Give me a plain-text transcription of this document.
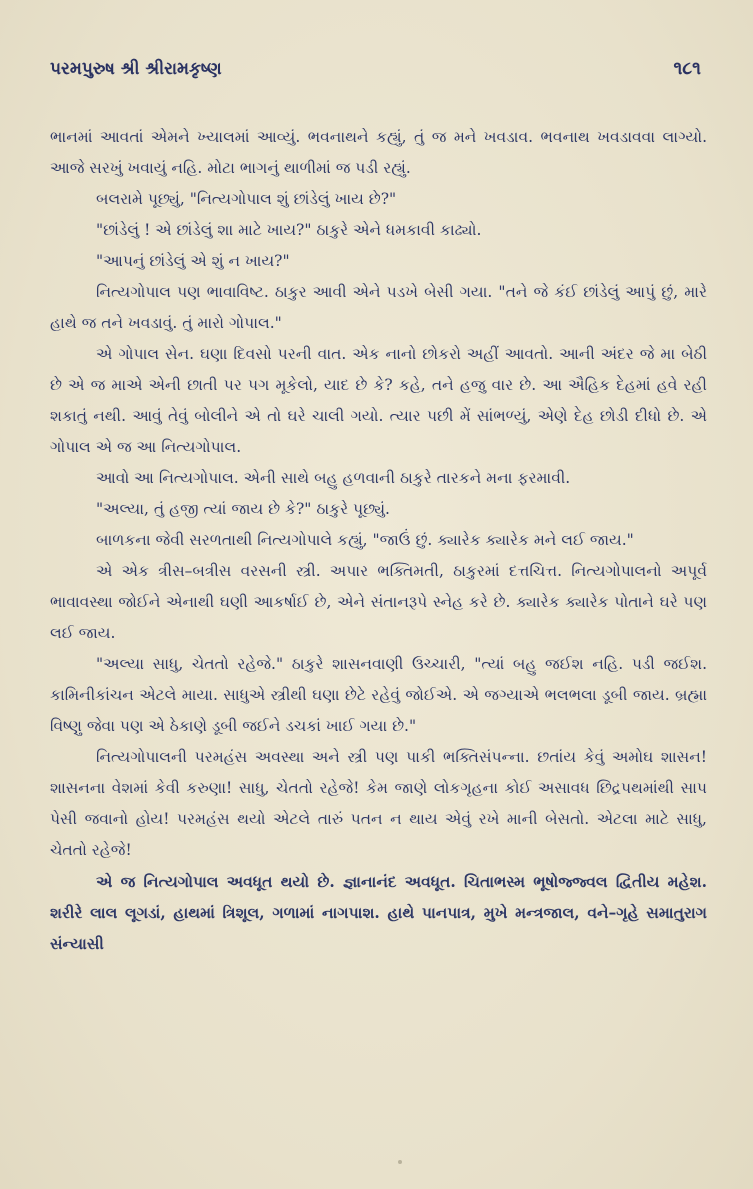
પરમપુરુષ શ્રી શ્રીરામકૃષ્ણ	૧૮૧

ભાનમાં આવતાં એમને ખ્યાલમાં આવ્યું. ભવનાથને કહ્યું, તું જ મને ખવડાવ. ભવનાથ ખવડાવવા લાગ્યો. આજે સરખું ખવાયું નહિ. મોટા ભાગનું થાળીમાં જ પડી રહ્યું.

બલરામે પૂછ્યું, "નિત્યગોપાલ શું છાંડેલું ખાય છે?"

"છાંડેલું ! એ છાંડેલું શા માટે ખાય?" ઠાકુરે એને ધમકાવી કાઢ્યો.

"આપનું છાંડેલું એ શું ન ખાય?"

નિત્યગોપાલ પણ ભાવાવિષ્ટ. ઠાકુર આવી એને પડખે બેસી ગયા. "તને જે કંઈ છાંડેલું આપું છું, મારે હાથે જ તને ખવડાવું. તું મારો ગોપાલ."

એ ગોપાલ સેન. ઘણા દિવસો પરની વાત. એક નાનો છોકરો અહીં આવતો. આની અંદર જે મા બેઠી છે એ જ માએ એની છાતી પર પગ મૂકેલો, યાદ છે કે? કહે, તને હજુ વાર છે. આ ઐહિક દેહમાં હવે રહી શકાતું નથી. આવું તેવું બોલીને એ તો ઘરે ચાલી ગયો. ત્યાર પછી મેં સાંભળ્યું, એણે દેહ છોડી દીધો છે. એ ગોપાલ એ જ આ નિત્યગોપાલ.

આવો આ નિત્યગોપાલ. એની સાથે બહુ હળવાની ઠાકુરે તારકને મના ફરમાવી.

"અલ્યા, તું હજી ત્યાં જાય છે કે?" ઠાકુરે પૂછ્યું.

બાળકના જેવી સરળતાથી નિત્યગોપાલે કહ્યું, "જાઉં છું. ક્યારેક ક્યારેક મને લઈ જાય."

એ એક ત્રીસ–બત્રીસ વરસની સ્ત્રી. અપાર ભક્તિમતી, ઠાકુરમાં દત્તચિત્ત. નિત્યગોપાલનો અપૂર્વ ભાવાવસ્થા જોઈને એનાથી ઘણી આકર્ષાઈ છે, એને સંતાનરૂપે સ્નેહ કરે છે. ક્યારેક ક્યારેક પોતાને ઘરે પણ લઈ જાય.

"અલ્યા સાધુ, ચેતતો રહેજે." ઠાકુરે શાસનવાણી ઉચ્ચારી, "ત્યાં બહુ જઈશ નહિ. પડી જઈશ. કામિનીકાંચન એટલે માયા. સાધુએ સ્ત્રીથી ઘણા છેટે રહેવું જોઈએ. એ જગ્યાએ ભલભલા ડૂબી જાય. બ્રહ્મા વિષ્ણુ જેવા પણ એ ઠેકાણે ડૂબી જઈને ડચકાં ખાઈ ગયા છે."

નિત્યગોપાલની પરમહંસ અવસ્થા અને સ્ત્રી પણ પાકી ભક્તિસંપન્ના. છતાંય કેવું અમોઘ શાસન! શાસનના વેશમાં કેવી કરુણા! સાધુ, ચેતતો રહેજે! કેમ જાણે લોકગૃહના કોઈ અસાવધ છિદ્રપથમાંથી સાપ પેસી જવાનો હોય! પરમહંસ થયો એટલે તારું પતન ન થાય એવું રખે માની બેસતો. એટલા માટે સાધુ, ચેતતો રહેજે!

એ જ નિત્યગોપાલ અવધૂત થયો છે. જ્ઞાનાનંદ અવધૂત. ચિતાભસ્મ ભૂષોજ્જ્વલ દ્વિતીય મહેશ. શરીરે લાલ લૂગડાં, હાથમાં ત્રિશૂલ, ગળામાં નાગપાશ. હાથે પાનપાત્ર, મુખે મન્ત્રજાલ, વને–ગૃહે સમાતુરાગ સંન્યાસી
